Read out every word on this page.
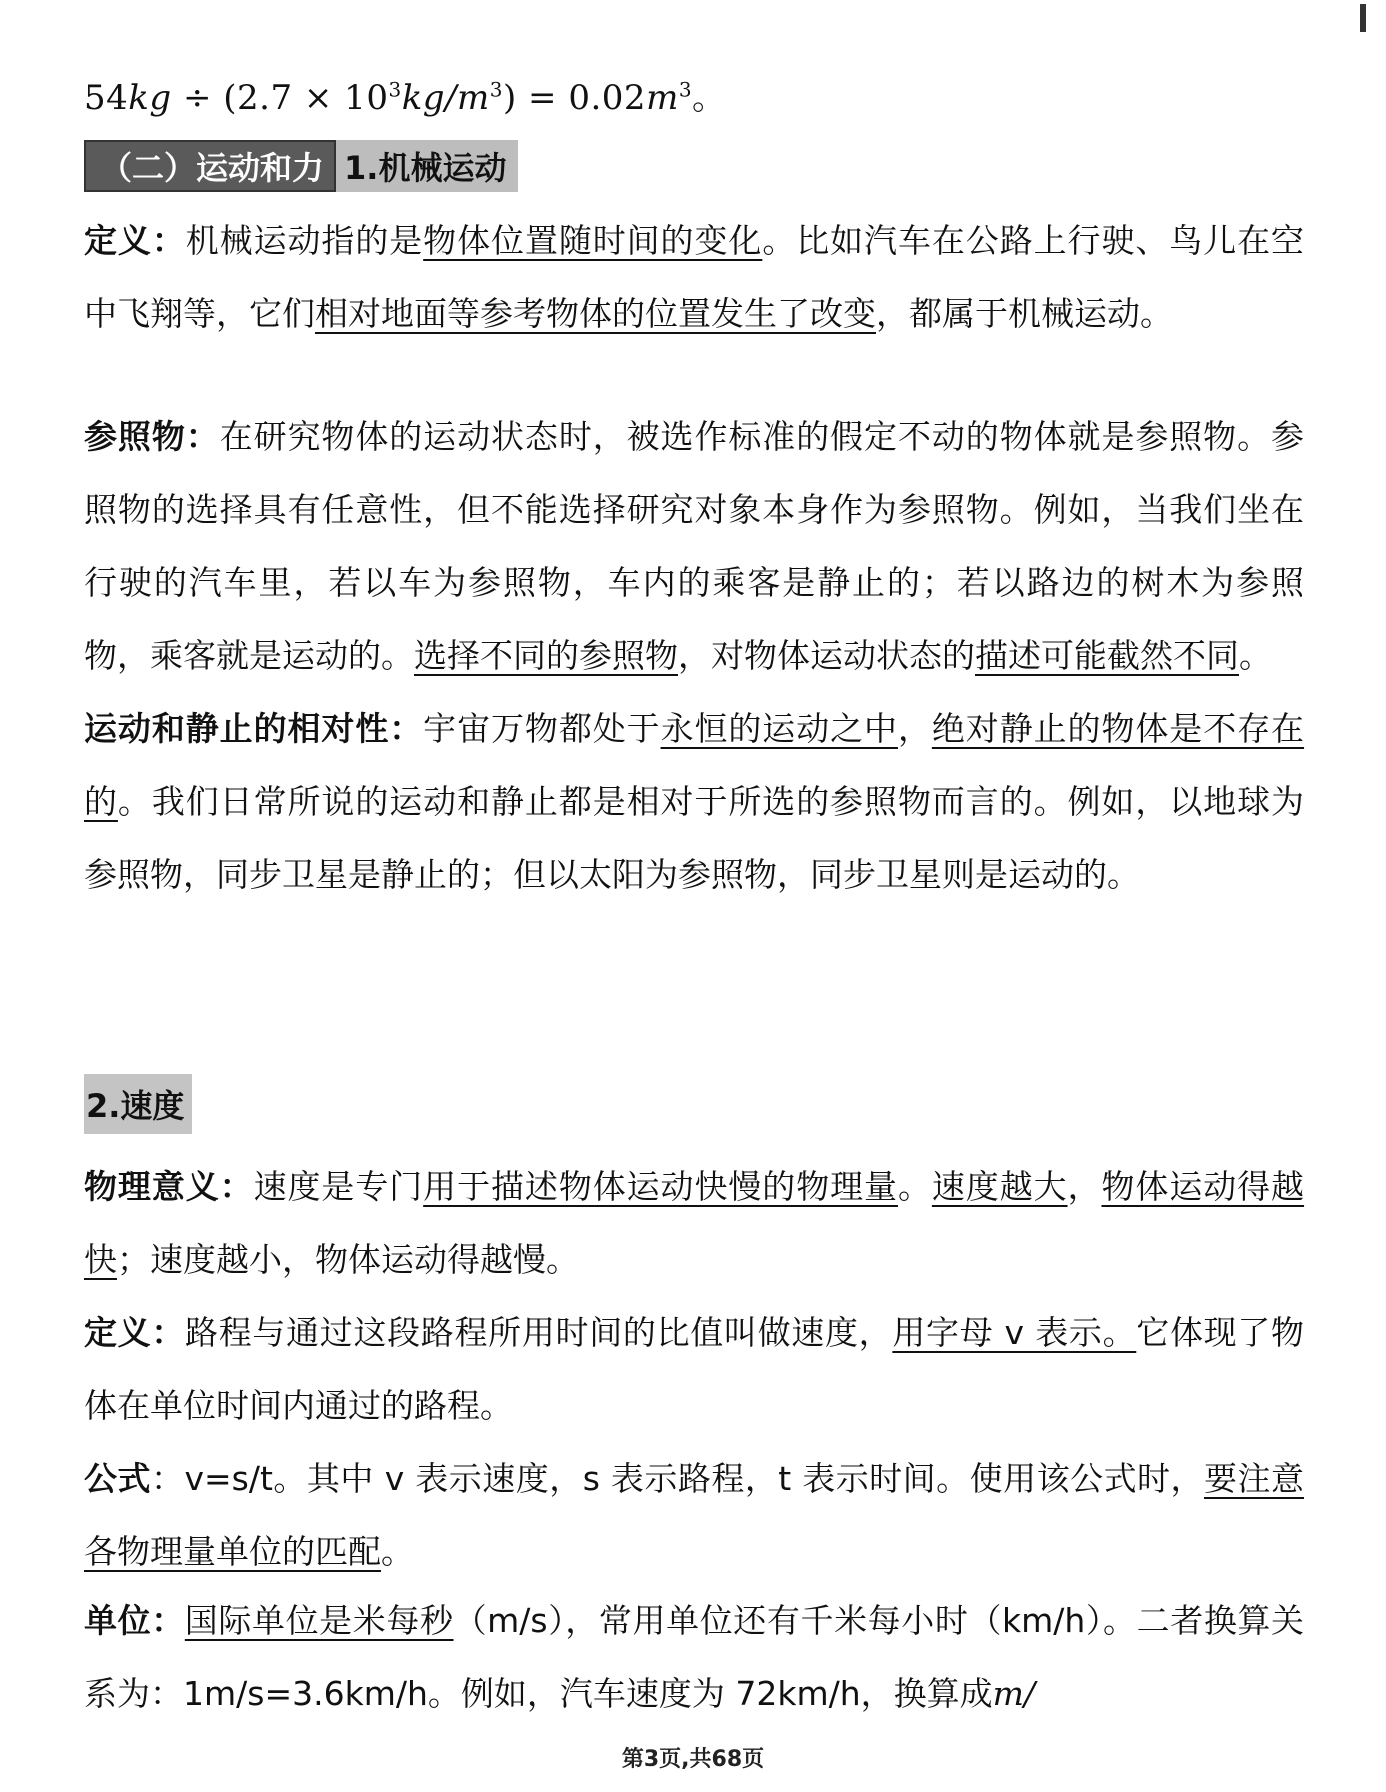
$54kg \div (2.7 \times 10^3kg/m^3) = 0.02m^3$。
（二）运动和力 1.机械运动

定义：机械运动指的是物体位置随时间的变化。比如汽车在公路上行驶、鸟儿在空中飞翔等，它们相对地面等参考物体的位置发生了改变，都属于机械运动。

参照物：在研究物体的运动状态时，被选作标准的假定不动的物体就是参照物。参照物的选择具有任意性，但不能选择研究对象本身作为参照物。例如，当我们坐在行驶的汽车里，若以车为参照物，车内的乘客是静止的；若以路边的树木为参照物，乘客就是运动的。选择不同的参照物，对物体运动状态的描述可能截然不同。

运动和静止的相对性：宇宙万物都处于永恒的运动之中，绝对静止的物体是不存在的。我们日常所说的运动和静止都是相对于所选的参照物而言的。例如，以地球为参照物，同步卫星是静止的；但以太阳为参照物，同步卫星则是运动的。

2.速度

物理意义：速度是专门用于描述物体运动快慢的物理量。速度越大，物体运动得越快；速度越小，物体运动得越慢。

定义：路程与通过这段路程所用时间的比值叫做速度，用字母 v 表示。它体现了物体在单位时间内通过的路程。

公式：v=s/t。其中 v 表示速度，s 表示路程，t 表示时间。使用该公式时，要注意各物理量单位的匹配。

单位：国际单位是米每秒（m/s），常用单位还有千米每小时（km/h）。二者换算关系为：1m/s=3.6km/h。例如，汽车速度为 72km/h，换算成m/

第3页,共68页
